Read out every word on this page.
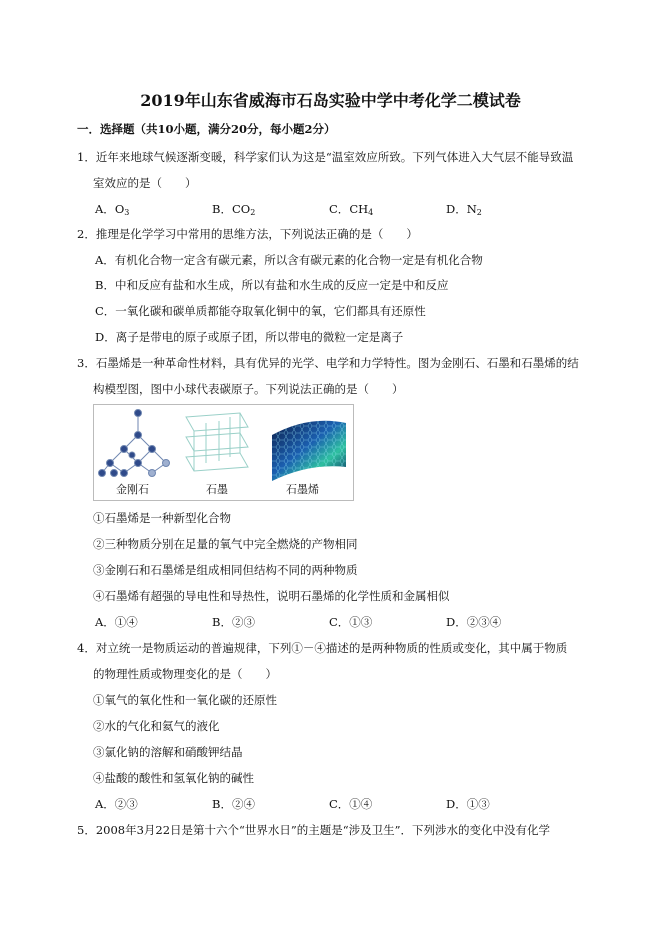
2019年山东省威海市石岛实验中学中考化学二模试卷
一．选择题（共10小题，满分20分，每小题2分）
1．近年来地球气候逐渐变暖，科学家们认为这是“温室效应所致。下列气体进入大气层不能导致温
室效应的是（　　）
A．$O_3$	B．$CO_2$	C．$CH_4$	D．$N_2$
2．推理是化学学习中常用的思维方法，下列说法正确的是（　　）
A．有机化合物一定含有碳元素，所以含有碳元素的化合物一定是有机化合物
B．中和反应有盐和水生成，所以有盐和水生成的反应一定是中和反应
C．一氧化碳和碳单质都能夺取氧化铜中的氧，它们都具有还原性
D．离子是带电的原子或原子团，所以带电的微粒一定是离子
3．石墨烯是一种革命性材料，具有优异的光学、电学和力学特性。图为金刚石、石墨和石墨烯的结
构模型图，图中小球代表碳原子。下列说法正确的是（　　）
金刚石	石墨	石墨烯
①石墨烯是一种新型化合物
②三种物质分别在足量的氧气中完全燃烧的产物相同
③金刚石和石墨烯是组成相同但结构不同的两种物质
④石墨烯有超强的导电性和导热性，说明石墨烯的化学性质和金属相似
A．①④	B．②③	C．①③	D．②③④
4．对立统一是物质运动的普遍规律，下列①－④描述的是两种物质的性质或变化，其中属于物质
的物理性质或物理变化的是（　　）
①氧气的氧化性和一氧化碳的还原性
②水的气化和氦气的液化
③氯化钠的溶解和硝酸钾结晶
④盐酸的酸性和氢氧化钠的碱性
A．②③	B．②④	C．①④	D．①③
5．2008年3月22日是第十六个“世界水日”的主题是“涉及卫生”．下列涉水的变化中没有化学
